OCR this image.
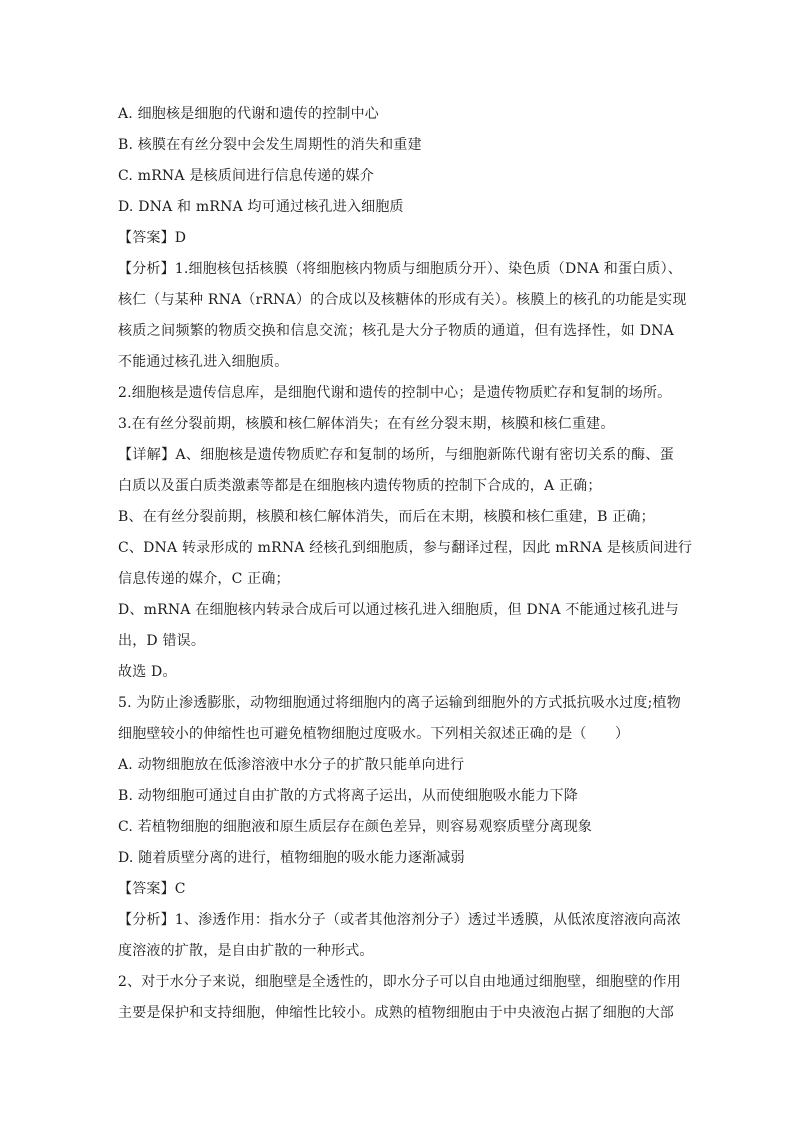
A. 细胞核是细胞的代谢和遗传的控制中心
B. 核膜在有丝分裂中会发生周期性的消失和重建
C. mRNA 是核质间进行信息传递的媒介
D. DNA 和 mRNA 均可通过核孔进入细胞质
【答案】D
【分析】1.细胞核包括核膜（将细胞核内物质与细胞质分开）、染色质（DNA 和蛋白质）、
核仁（与某种 RNA（rRNA）的合成以及核糖体的形成有关）。核膜上的核孔的功能是实现
核质之间频繁的物质交换和信息交流；核孔是大分子物质的通道，但有选择性，如 DNA
不能通过核孔进入细胞质。
2.细胞核是遗传信息库，是细胞代谢和遗传的控制中心；是遗传物质贮存和复制的场所。
3.在有丝分裂前期，核膜和核仁解体消失；在有丝分裂末期，核膜和核仁重建。
【详解】A、细胞核是遗传物质贮存和复制的场所，与细胞新陈代谢有密切关系的酶、蛋
白质以及蛋白质类激素等都是在细胞核内遗传物质的控制下合成的，A 正确；
B、在有丝分裂前期，核膜和核仁解体消失，而后在末期，核膜和核仁重建，B 正确；
C、DNA 转录形成的 mRNA 经核孔到细胞质，参与翻译过程，因此 mRNA 是核质间进行
信息传递的媒介，C 正确；
D、mRNA 在细胞核内转录合成后可以通过核孔进入细胞质，但 DNA 不能通过核孔进与
出，D 错误。
故选 D。
5. 为防止渗透膨胀，动物细胞通过将细胞内的离子运输到细胞外的方式抵抗吸水过度;植物
细胞壁较小的伸缩性也可避免植物细胞过度吸水。下列相关叙述正确的是（　　）
A. 动物细胞放在低渗溶液中水分子的扩散只能单向进行
B. 动物细胞可通过自由扩散的方式将离子运出，从而使细胞吸水能力下降
C. 若植物细胞的细胞液和原生质层存在颜色差异，则容易观察质壁分离现象
D. 随着质壁分离的进行，植物细胞的吸水能力逐渐减弱
【答案】C
【分析】1、渗透作用：指水分子（或者其他溶剂分子）透过半透膜，从低浓度溶液向高浓
度溶液的扩散，是自由扩散的一种形式。
2、对于水分子来说，细胞壁是全透性的，即水分子可以自由地通过细胞壁，细胞壁的作用
主要是保护和支持细胞，伸缩性比较小。成熟的植物细胞由于中央液泡占据了细胞的大部
